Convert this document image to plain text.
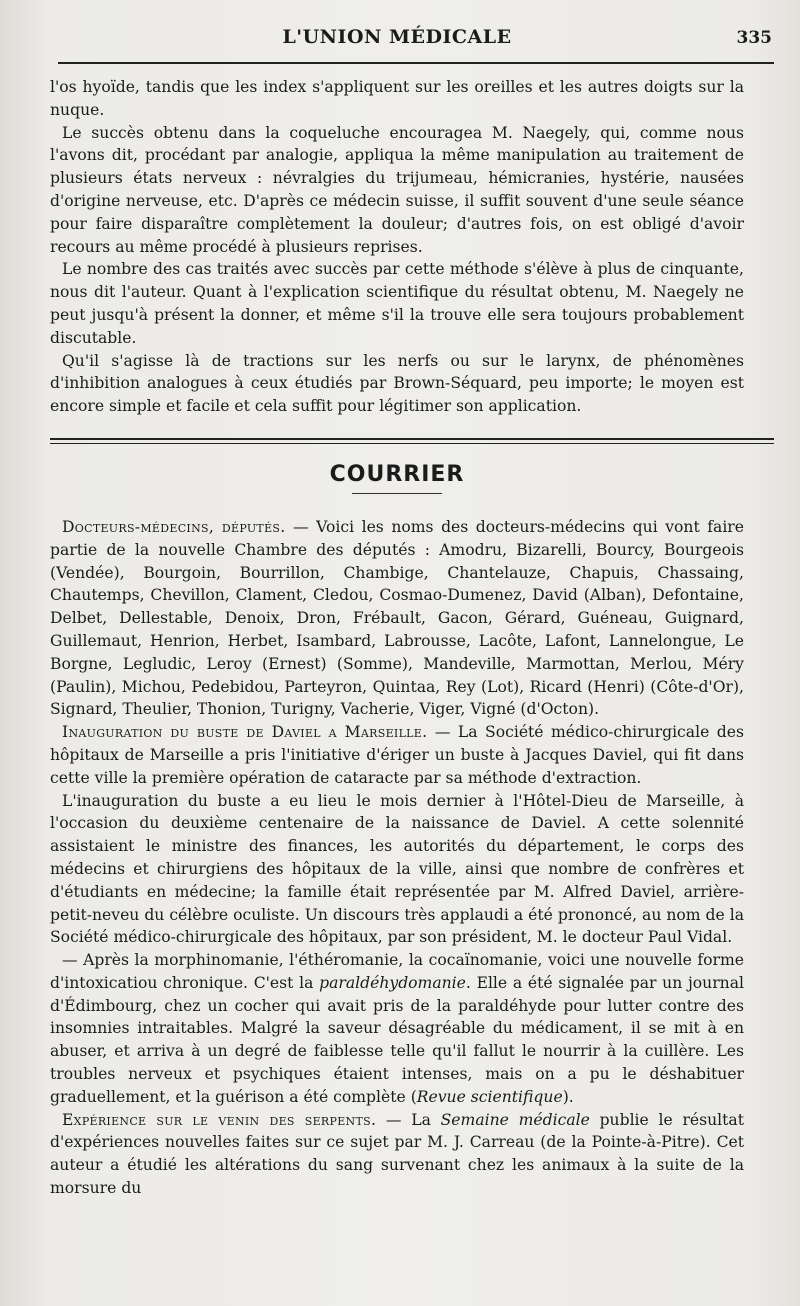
L'UNION MÉDICALE	335

l'os hyoïde, tandis que les index s'appliquent sur les oreilles et les autres doigts sur la nuque.

Le succès obtenu dans la coqueluche encouragea M. Naegely, qui, comme nous l'avons dit, procédant par analogie, appliqua la même manipulation au traitement de plusieurs états nerveux : névralgies du trijumeau, hémicranies, hystérie, nausées d'origine nerveuse, etc. D'après ce médecin suisse, il suffit souvent d'une seule séance pour faire disparaître complètement la douleur; d'autres fois, on est obligé d'avoir recours au même procédé à plusieurs reprises.

Le nombre des cas traités avec succès par cette méthode s'élève à plus de cinquante, nous dit l'auteur. Quant à l'explication scientifique du résultat obtenu, M. Naegely ne peut jusqu'à présent la donner, et même s'il la trouve elle sera toujours probablement discutable.

Qu'il s'agisse là de tractions sur les nerfs ou sur le larynx, de phénomènes d'inhibition analogues à ceux étudiés par Brown-Séquard, peu importe; le moyen est encore simple et facile et cela suffit pour légitimer son application.

COURRIER

Docteurs-médecins, députés. — Voici les noms des docteurs-médecins qui vont faire partie de la nouvelle Chambre des députés : Amodru, Bizarelli, Bourcy, Bourgeois (Vendée), Bourgoin, Bourrillon, Chambige, Chantelauze, Chapuis, Chassaing, Chautemps, Chevillon, Clament, Cledou, Cosmao-Dumenez, David (Alban), Defontaine, Delbet, Dellestable, Denoix, Dron, Frébault, Gacon, Gérard, Guéneau, Guignard, Guillemaut, Henrion, Herbet, Isambard, Labrousse, Lacôte, Lafont, Lannelongue, Le Borgne, Legludic, Leroy (Ernest) (Somme), Mandeville, Marmottan, Merlou, Méry (Paulin), Michou, Pedebidou, Parteyron, Quintaa, Rey (Lot), Ricard (Henri) (Côte-d'Or), Signard, Theulier, Thonion, Turigny, Vacherie, Viger, Vigné (d'Octon).

Inauguration du buste de Daviel a Marseille. — La Société médico-chirurgicale des hôpitaux de Marseille a pris l'initiative d'ériger un buste à Jacques Daviel, qui fit dans cette ville la première opération de cataracte par sa méthode d'extraction.

L'inauguration du buste a eu lieu le mois dernier à l'Hôtel-Dieu de Marseille, à l'occasion du deuxième centenaire de la naissance de Daviel. A cette solennité assistaient le ministre des finances, les autorités du département, le corps des médecins et chirurgiens des hôpitaux de la ville, ainsi que nombre de confrères et d'étudiants en médecine; la famille était représentée par M. Alfred Daviel, arrière-petit-neveu du célèbre oculiste. Un discours très applaudi a été prononcé, au nom de la Société médico-chirurgicale des hôpitaux, par son président, M. le docteur Paul Vidal.

— Après la morphinomanie, l'éthéromanie, la cocaïnomanie, voici une nouvelle forme d'intoxicatiou chronique. C'est la paraldéhydomanie. Elle a été signalée par un journal d'Édimbourg, chez un cocher qui avait pris de la paraldéhyde pour lutter contre des insomnies intraitables. Malgré la saveur désagréable du médicament, il se mit à en abuser, et arriva à un degré de faiblesse telle qu'il fallut le nourrir à la cuillère. Les troubles nerveux et psychiques étaient intenses, mais on a pu le déshabituer graduellement, et la guérison a été complète (Revue scientifique).

Expérience sur le venin des serpents. — La Semaine médicale publie le résultat d'expériences nouvelles faites sur ce sujet par M. J. Carreau (de la Pointe-à-Pitre). Cet auteur a étudié les altérations du sang survenant chez les animaux à la suite de la morsure du
